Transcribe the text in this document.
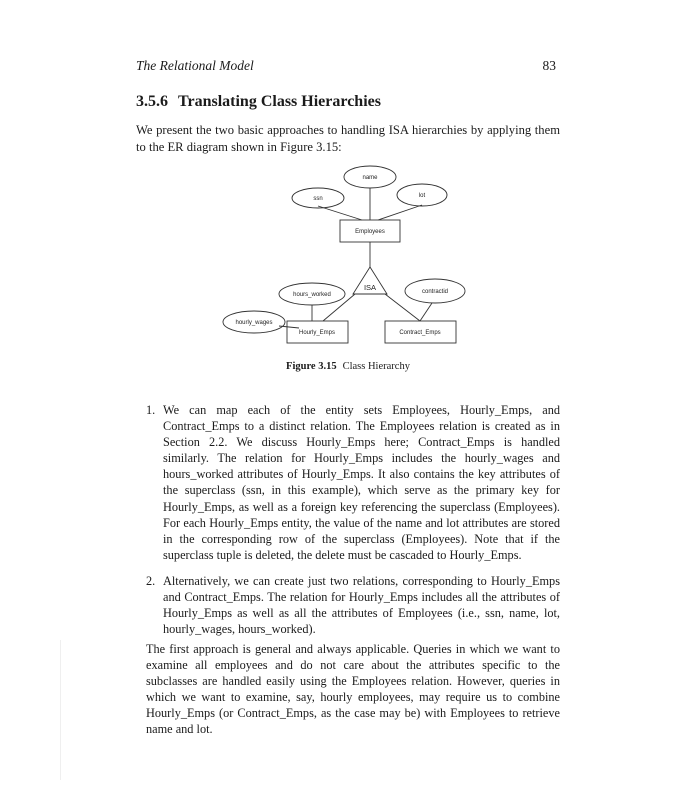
The Relational Model	83
3.5.6 Translating Class Hierarchies

We present the two basic approaches to handling ISA hierarchies by applying them to the ER diagram shown in Figure 3.15:

ssn
name
lot
hours_worked	contractid
hourly_wages
Employees
Hourly_Emps	Contract_Emps
ISA
Figure 3.15 Class Hierarchy
1. We can map each of the entity sets Employees, Hourly_Emps, and Contract_Emps to a distinct relation. The Employees relation is created as in Section 2.2. We discuss Hourly_Emps here; Contract_Emps is handled similarly. The relation for Hourly_Emps includes the hourly_wages and hours_worked attributes of Hourly_Emps. It also contains the key attributes of the superclass (ssn, in this example), which serve as the primary key for Hourly_Emps, as well as a foreign key referencing the superclass (Employees). For each Hourly_Emps entity, the value of the name and lot attributes are stored in the corresponding row of the superclass (Employees). Note that if the superclass tuple is deleted, the delete must be cascaded to Hourly_Emps.
2. Alternatively, we can create just two relations, corresponding to Hourly_Emps and Contract_Emps. The relation for Hourly_Emps includes all the attributes of Hourly_Emps as well as all the attributes of Employees (i.e., ssn, name, lot, hourly_wages, hours_worked).

The first approach is general and always applicable. Queries in which we want to examine all employees and do not care about the attributes specific to the subclasses are handled easily using the Employees relation. However, queries in which we want to examine, say, hourly employees, may require us to combine Hourly_Emps (or Contract_Emps, as the case may be) with Employees to retrieve name and lot.
